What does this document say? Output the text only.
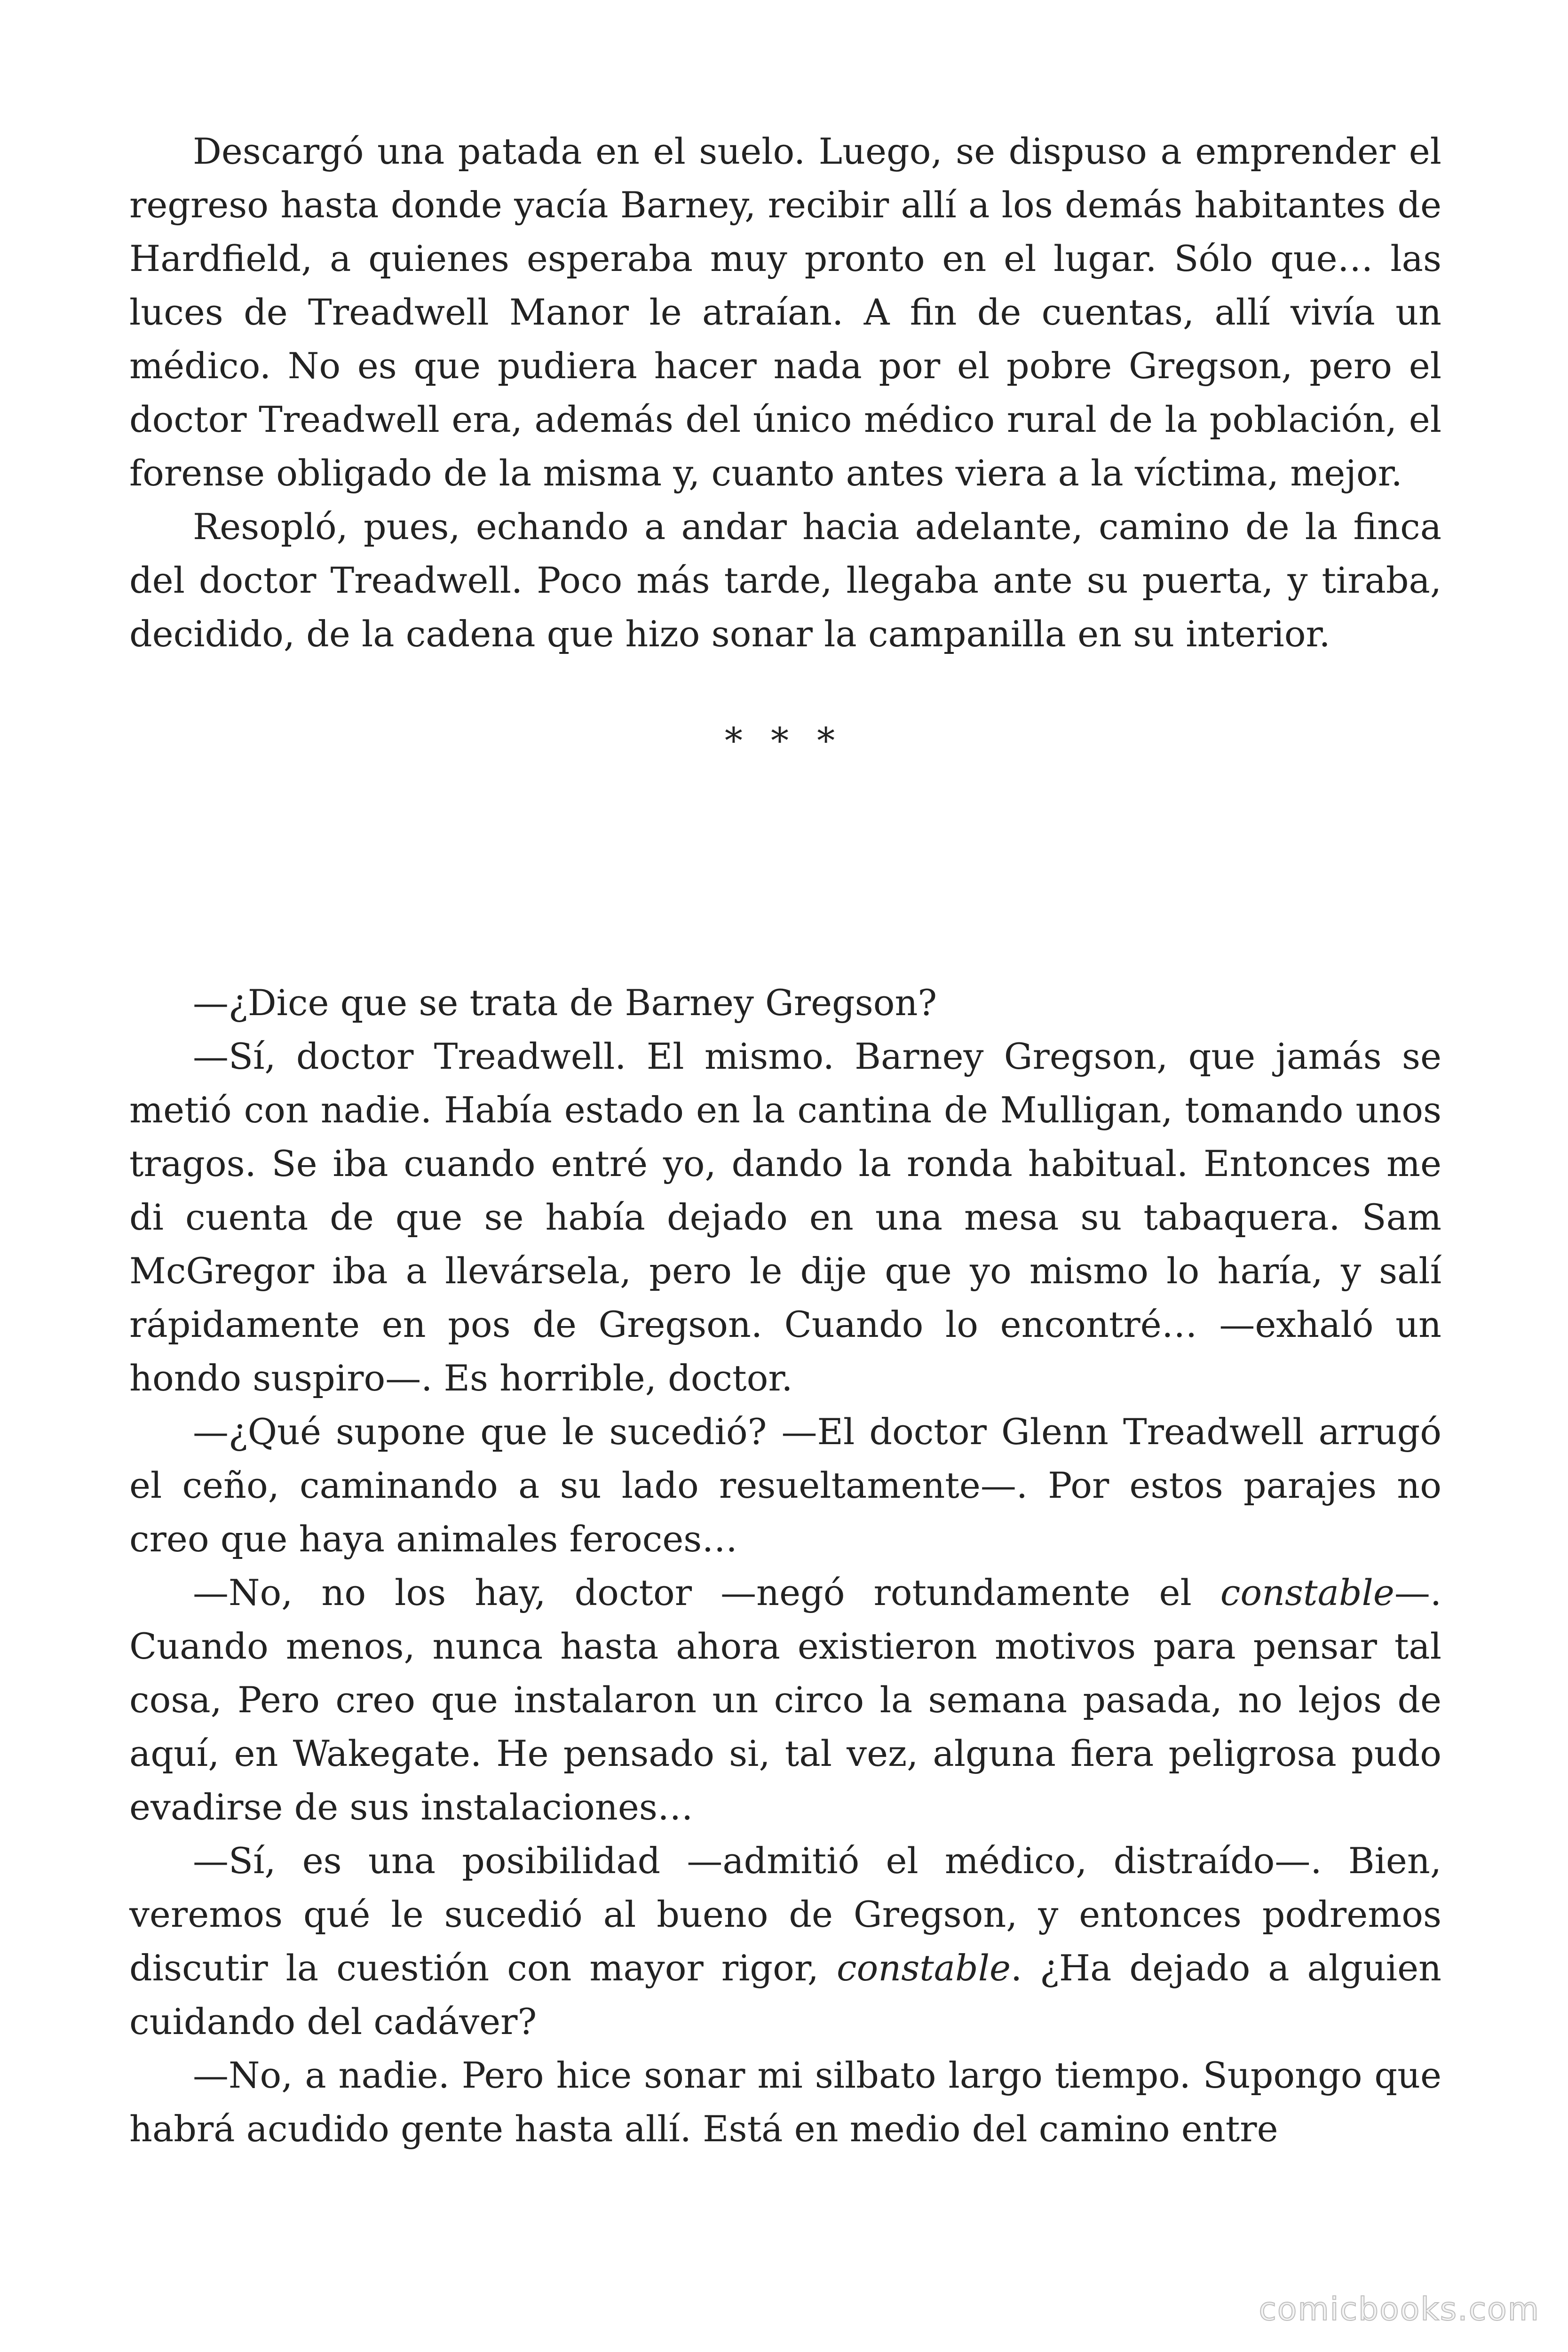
Descargó una patada en el suelo. Luego, se dispuso a emprender el regreso hasta donde yacía Barney, recibir allí a los demás habitantes de Hardfield, a quienes esperaba muy pronto en el lugar. Sólo que… las luces de Treadwell Manor le atraían. A fin de cuentas, allí vivía un médico. No es que pudiera hacer nada por el pobre Gregson, pero el doctor Treadwell era, además del único médico rural de la población, el forense obligado de la misma y, cuanto antes viera a la víctima, mejor.

Resopló, pues, echando a andar hacia adelante, camino de la finca del doctor Treadwell. Poco más tarde, llegaba ante su puerta, y tiraba, decidido, de la cadena que hizo sonar la campanilla en su interior.

* * *

—¿Dice que se trata de Barney Gregson?

—Sí, doctor Treadwell. El mismo. Barney Gregson, que jamás se metió con nadie. Había estado en la cantina de Mulligan, tomando unos tragos. Se iba cuando entré yo, dando la ronda habitual. Entonces me di cuenta de que se había dejado en una mesa su tabaquera. Sam McGregor iba a llevársela, pero le dije que yo mismo lo haría, y salí rápidamente en pos de Gregson. Cuando lo encontré… —exhaló un hondo suspiro—. Es horrible, doctor.

—¿Qué supone que le sucedió? —El doctor Glenn Treadwell arrugó el ceño, caminando a su lado resueltamente—. Por estos parajes no creo que haya animales feroces…

—No, no los hay, doctor —negó rotundamente el constable—. Cuando menos, nunca hasta ahora existieron motivos para pensar tal cosa, Pero creo que instalaron un circo la semana pasada, no lejos de aquí, en Wakegate. He pensado si, tal vez, alguna fiera peligrosa pudo evadirse de sus instalaciones…

—Sí, es una posibilidad —admitió el médico, distraído—. Bien, veremos qué le sucedió al bueno de Gregson, y entonces podremos discutir la cuestión con mayor rigor, constable. ¿Ha dejado a alguien cuidando del cadáver?

—No, a nadie. Pero hice sonar mi silbato largo tiempo. Supongo que habrá acudido gente hasta allí. Está en medio del camino entre

comicbooks.com
